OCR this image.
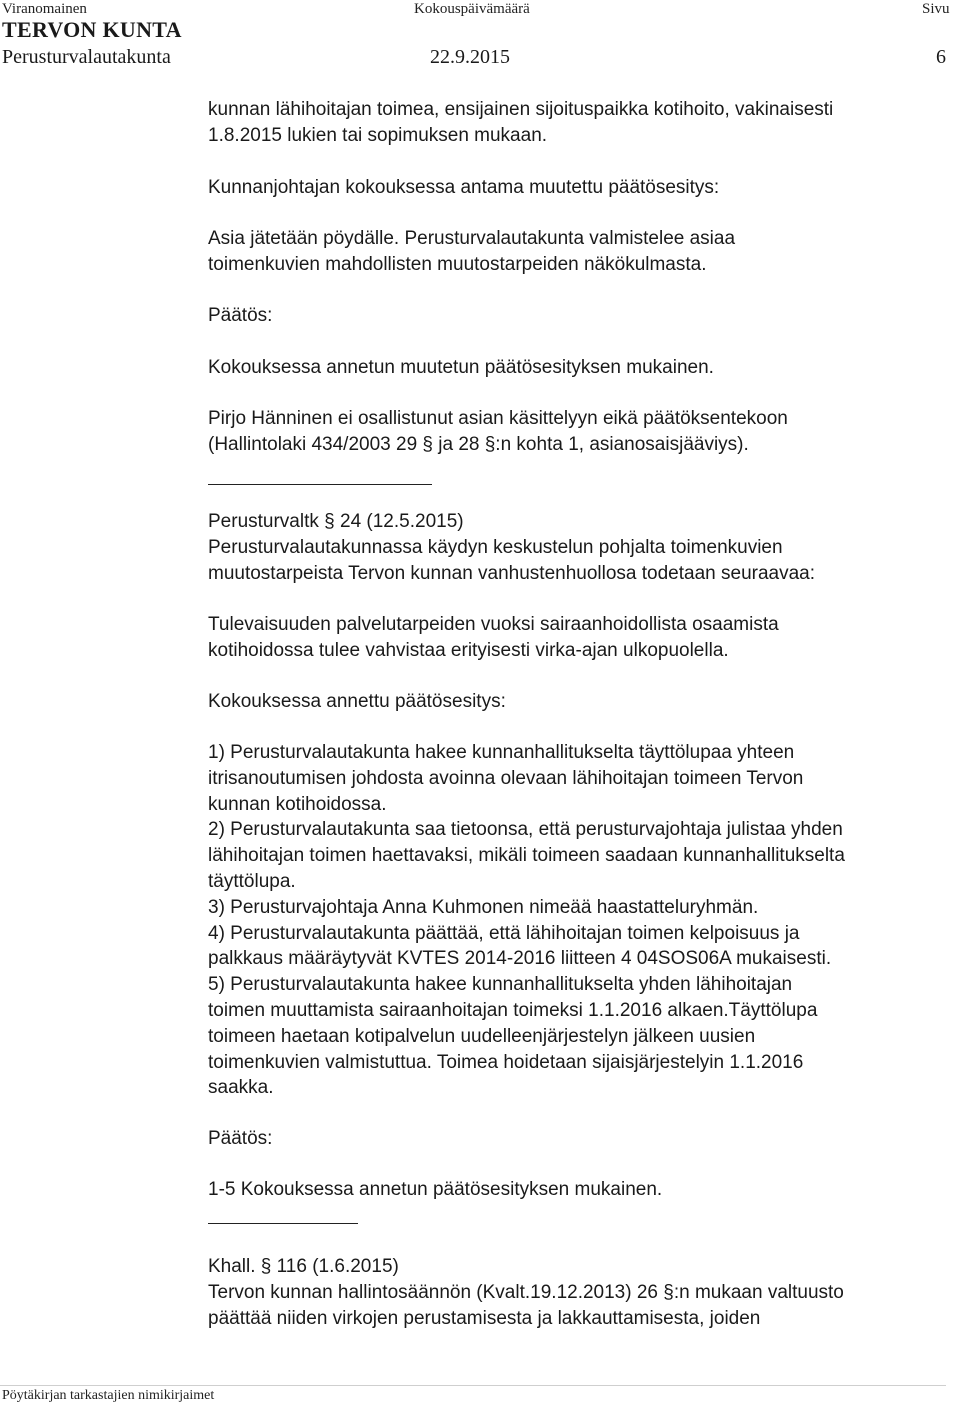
Viranomainen	Kokouspäivämäärä	Sivu
TERVON KUNTA
Perusturvalautakunta	22.9.2015	6
kunnan lähihoitajan toimea, ensijainen sijoituspaikka kotihoito, vakinaisesti
1.8.2015 lukien tai sopimuksen mukaan.
Kunnanjohtajan kokouksessa antama muutettu päätösesitys:
Asia jätetään pöydälle. Perusturvalautakunta valmistelee asiaa
toimenkuvien mahdollisten muutostarpeiden näkökulmasta.
Päätös:
Kokouksessa annetun muutetun päätösesityksen mukainen.
Pirjo Hänninen ei osallistunut asian käsittelyyn eikä päätöksentekoon
(Hallintolaki 434/2003 29 § ja 28 §:n kohta 1, asianosaisjääviys).
Perusturvaltk § 24 (12.5.2015)
Perusturvalautakunnassa käydyn keskustelun pohjalta toimenkuvien
muutostarpeista Tervon kunnan vanhustenhuollosa todetaan seuraavaa:
Tulevaisuuden palvelutarpeiden vuoksi sairaanhoidollista osaamista
kotihoidossa tulee vahvistaa erityisesti virka-ajan ulkopuolella.
Kokouksessa annettu päätösesitys:
1) Perusturvalautakunta hakee kunnanhallitukselta täyttölupaa yhteen
itrisanoutumisen johdosta avoinna olevaan lähihoitajan toimeen Tervon
kunnan kotihoidossa.
2) Perusturvalautakunta saa tietoonsa, että perusturvajohtaja julistaa yhden
lähihoitajan toimen haettavaksi, mikäli toimeen saadaan kunnanhallitukselta
täyttölupa.
3) Perusturvajohtaja Anna Kuhmonen nimeää haastatteluryhmän.
4) Perusturvalautakunta päättää, että lähihoitajan toimen kelpoisuus ja
palkkaus määräytyvät KVTES 2014-2016 liitteen 4 04SOS06A mukaisesti.
5) Perusturvalautakunta hakee kunnanhallitukselta yhden lähihoitajan
toimen muuttamista sairaanhoitajan toimeksi 1.1.2016 alkaen.Täyttölupa
toimeen haetaan kotipalvelun uudelleenjärjestelyn jälkeen uusien
toimenkuvien valmistuttua. Toimea hoidetaan sijaisjärjestelyin 1.1.2016
saakka.
Päätös:
1-5 Kokouksessa annetun päätösesityksen mukainen.
Khall. § 116 (1.6.2015)
Tervon kunnan hallintosäännön (Kvalt.19.12.2013) 26 §:n mukaan valtuusto
päättää niiden virkojen perustamisesta ja lakkauttamisesta, joiden
Pöytäkirjan tarkastajien nimikirjaimet
